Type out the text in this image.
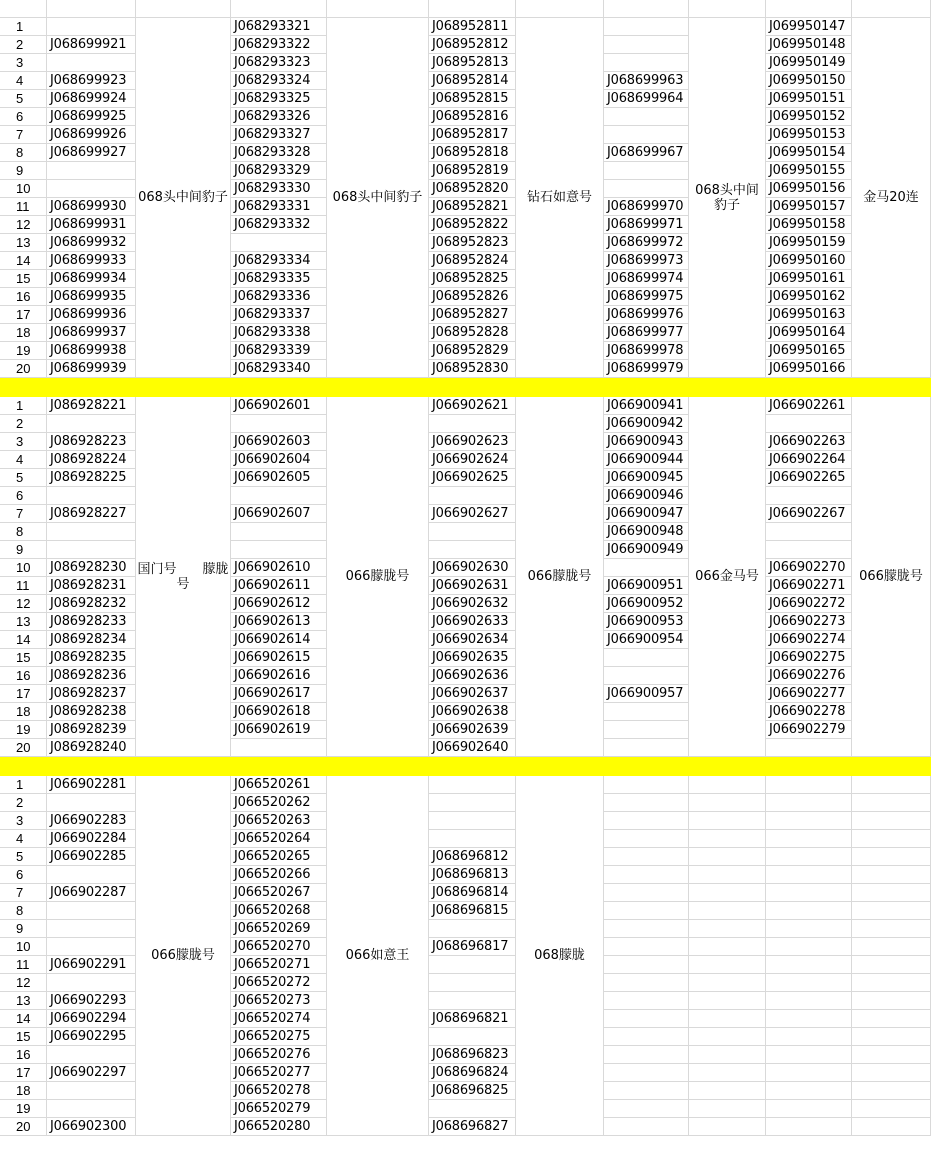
1
2
3
4
5
6
7
8
9
10
11
12
13
14
15
16
17
18
19
20
J068699921
J068699923
J068699924
J068699925
J068699926
J068699927
J068699930
J068699931
J068699932
J068699933
J068699934
J068699935
J068699936
J068699937
J068699938
J068699939
068头中间豹子
J068293321
J068293322
J068293323
J068293324
J068293325
J068293326
J068293327
J068293328
J068293329
J068293330
J068293331
J068293332
J068293334
J068293335
J068293336
J068293337
J068293338
J068293339
J068293340
068头中间豹子
J068952811
J068952812
J068952813
J068952814
J068952815
J068952816
J068952817
J068952818
J068952819
J068952820
J068952821
J068952822
J068952823
J068952824
J068952825
J068952826
J068952827
J068952828
J068952829
J068952830
钻石如意号
J068699963
J068699964
J068699967
J068699970
J068699971
J068699972
J068699973
J068699974
J068699975
J068699976
J068699977
J068699978
J068699979
068头中间豹子
J069950147
J069950148
J069950149
J069950150
J069950151
J069950152
J069950153
J069950154
J069950155
J069950156
J069950157
J069950158
J069950159
J069950160
J069950161
J069950162
J069950163
J069950164
J069950165
J069950166
金马20连
1
2
3
4
5
6
7
8
9
10
11
12
13
14
15
16
17
18
19
20
J086928221
J086928223
J086928224
J086928225
J086928227
J086928230
J086928231
J086928232
J086928233
J086928234
J086928235
J086928236
J086928237
J086928238
J086928239
J086928240
国门号　　朦胧号
J066902601
J066902603
J066902604
J066902605
J066902607
J066902610
J066902611
J066902612
J066902613
J066902614
J066902615
J066902616
J066902617
J066902618
J066902619
066朦胧号
J066902621
J066902623
J066902624
J066902625
J066902627
J066902630
J066902631
J066902632
J066902633
J066902634
J066902635
J066902636
J066902637
J066902638
J066902639
J066902640
066朦胧号
J066900941
J066900942
J066900943
J066900944
J066900945
J066900946
J066900947
J066900948
J066900949
J066900951
J066900952
J066900953
J066900954
J066900957
066金马号
J066902261
J066902263
J066902264
J066902265
J066902267
J066902270
J066902271
J066902272
J066902273
J066902274
J066902275
J066902276
J066902277
J066902278
J066902279
066朦胧号
1
2
3
4
5
6
7
8
9
10
11
12
13
14
15
16
17
18
19
20
J066902281
J066902283
J066902284
J066902285
J066902287
J066902291
J066902293
J066902294
J066902295
J066902297
J066902300
066朦胧号
J066520261
J066520262
J066520263
J066520264
J066520265
J066520266
J066520267
J066520268
J066520269
J066520270
J066520271
J066520272
J066520273
J066520274
J066520275
J066520276
J066520277
J066520278
J066520279
J066520280
066如意王
J068696812
J068696813
J068696814
J068696815
J068696817
J068696821
J068696823
J068696824
J068696825
J068696827
068朦胧
